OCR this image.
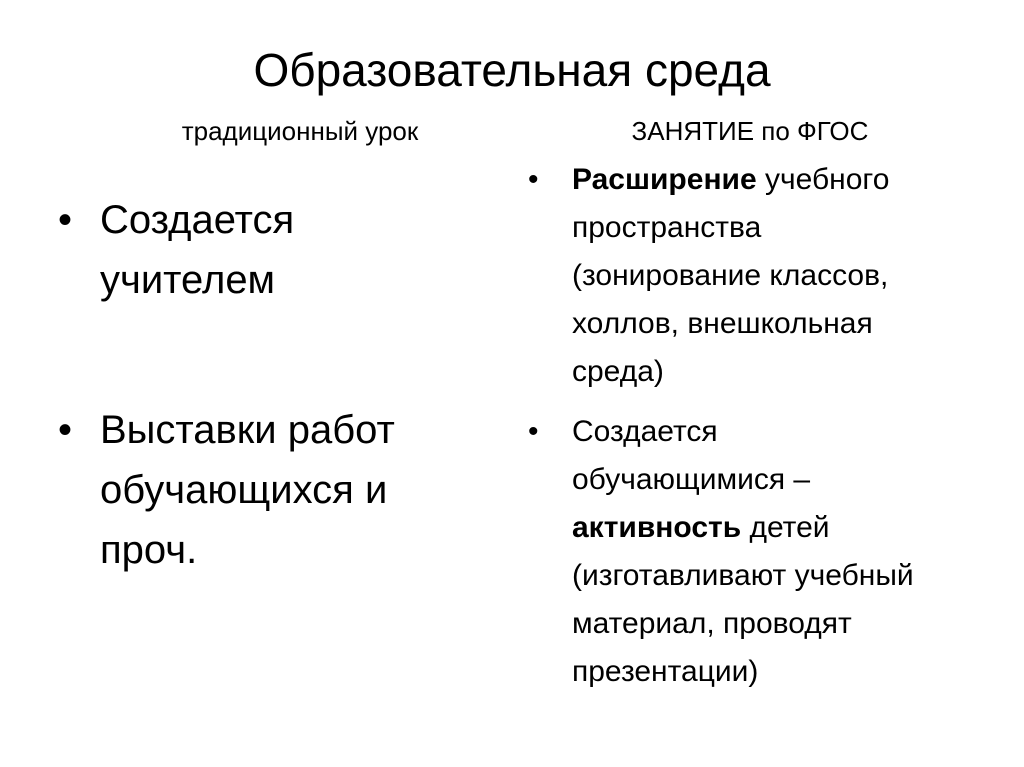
Образовательная среда
традиционный урок	ЗАНЯТИЕ по ФГОС
• Создается
учителем
• Выставки работ
обучающихся и
проч.
• Расширение учебного
пространства
(зонирование классов,
холлов, внешкольная
среда)
• Создается
обучающимися –
активность детей
(изготавливают учебный
материал, проводят
презентации)
